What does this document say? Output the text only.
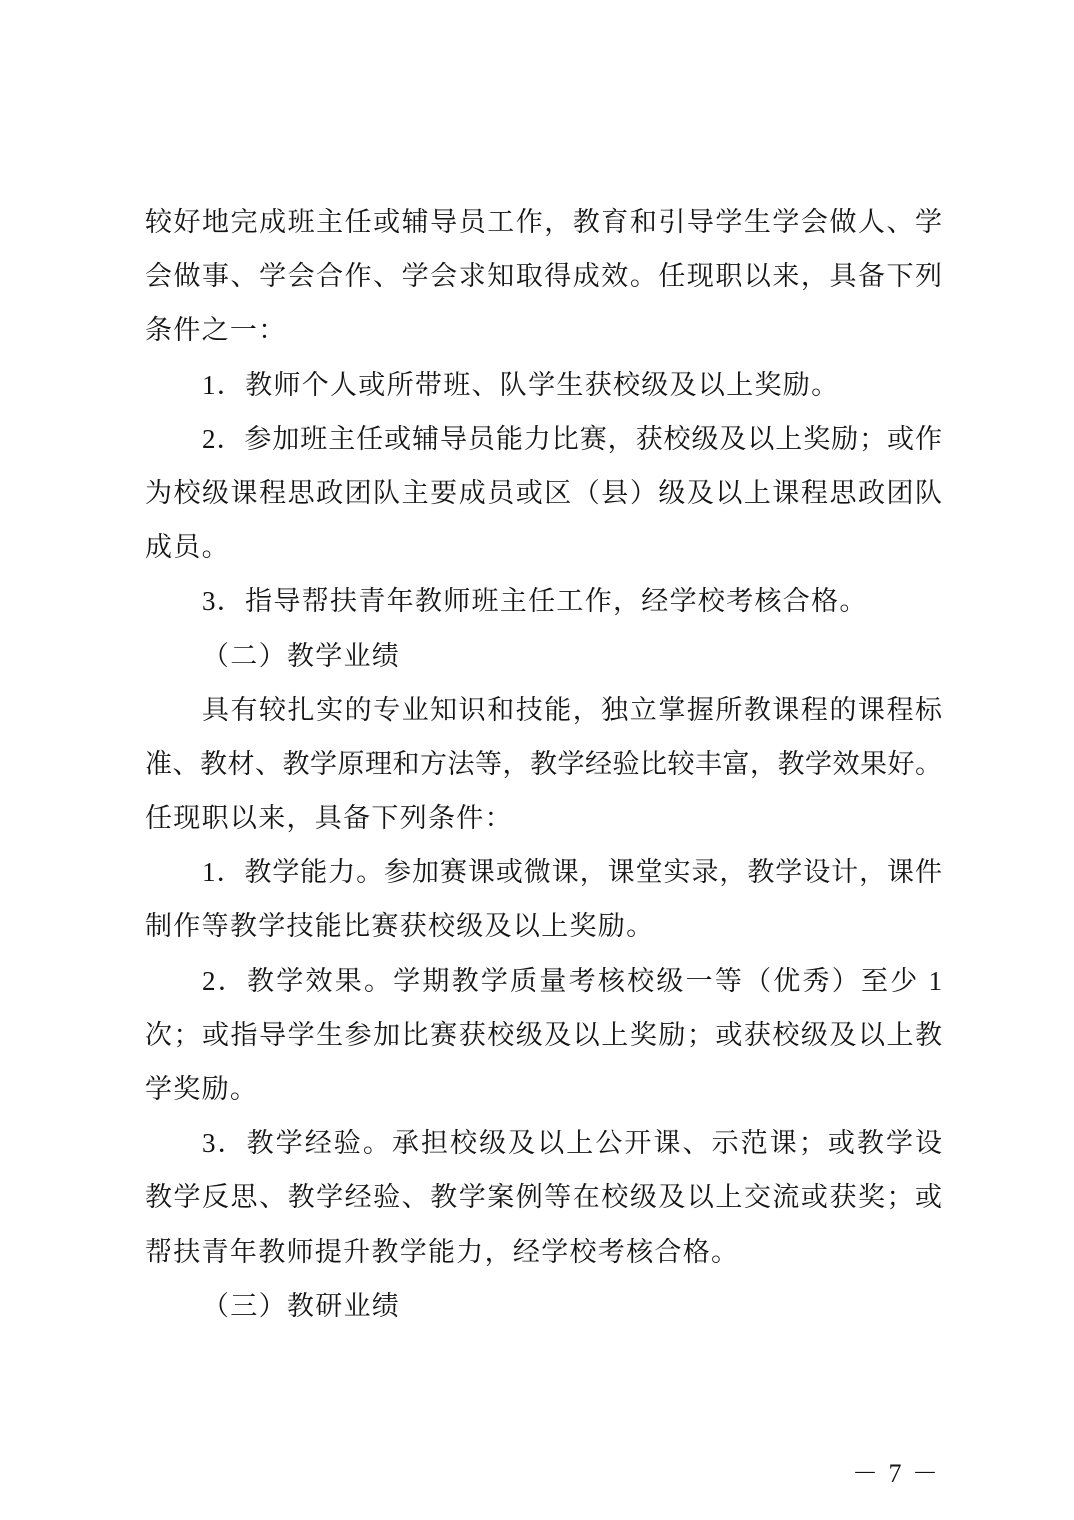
较好地完成班主任或辅导员工作，教育和引导学生学会做人、学
会做事、学会合作、学会求知取得成效。任现职以来，具备下列
条件之一：
1．教师个人或所带班、队学生获校级及以上奖励。
2．参加班主任或辅导员能力比赛，获校级及以上奖励；或作
为校级课程思政团队主要成员或区（县）级及以上课程思政团队
成员。
3．指导帮扶青年教师班主任工作，经学校考核合格。
（二）教学业绩
具有较扎实的专业知识和技能，独立掌握所教课程的课程标
准、教材、教学原理和方法等，教学经验比较丰富，教学效果好。
任现职以来，具备下列条件：
1．教学能力。参加赛课或微课，课堂实录，教学设计，课件
制作等教学技能比赛获校级及以上奖励。
2．教学效果。学期教学质量考核校级一等（优秀）至少 1
次；或指导学生参加比赛获校级及以上奖励；或获校级及以上教
学奖励。
3．教学经验。承担校级及以上公开课、示范课；或教学设
教学反思、教学经验、教学案例等在校级及以上交流或获奖；或
帮扶青年教师提升教学能力，经学校考核合格。
（三）教研业绩
－ 7 －
